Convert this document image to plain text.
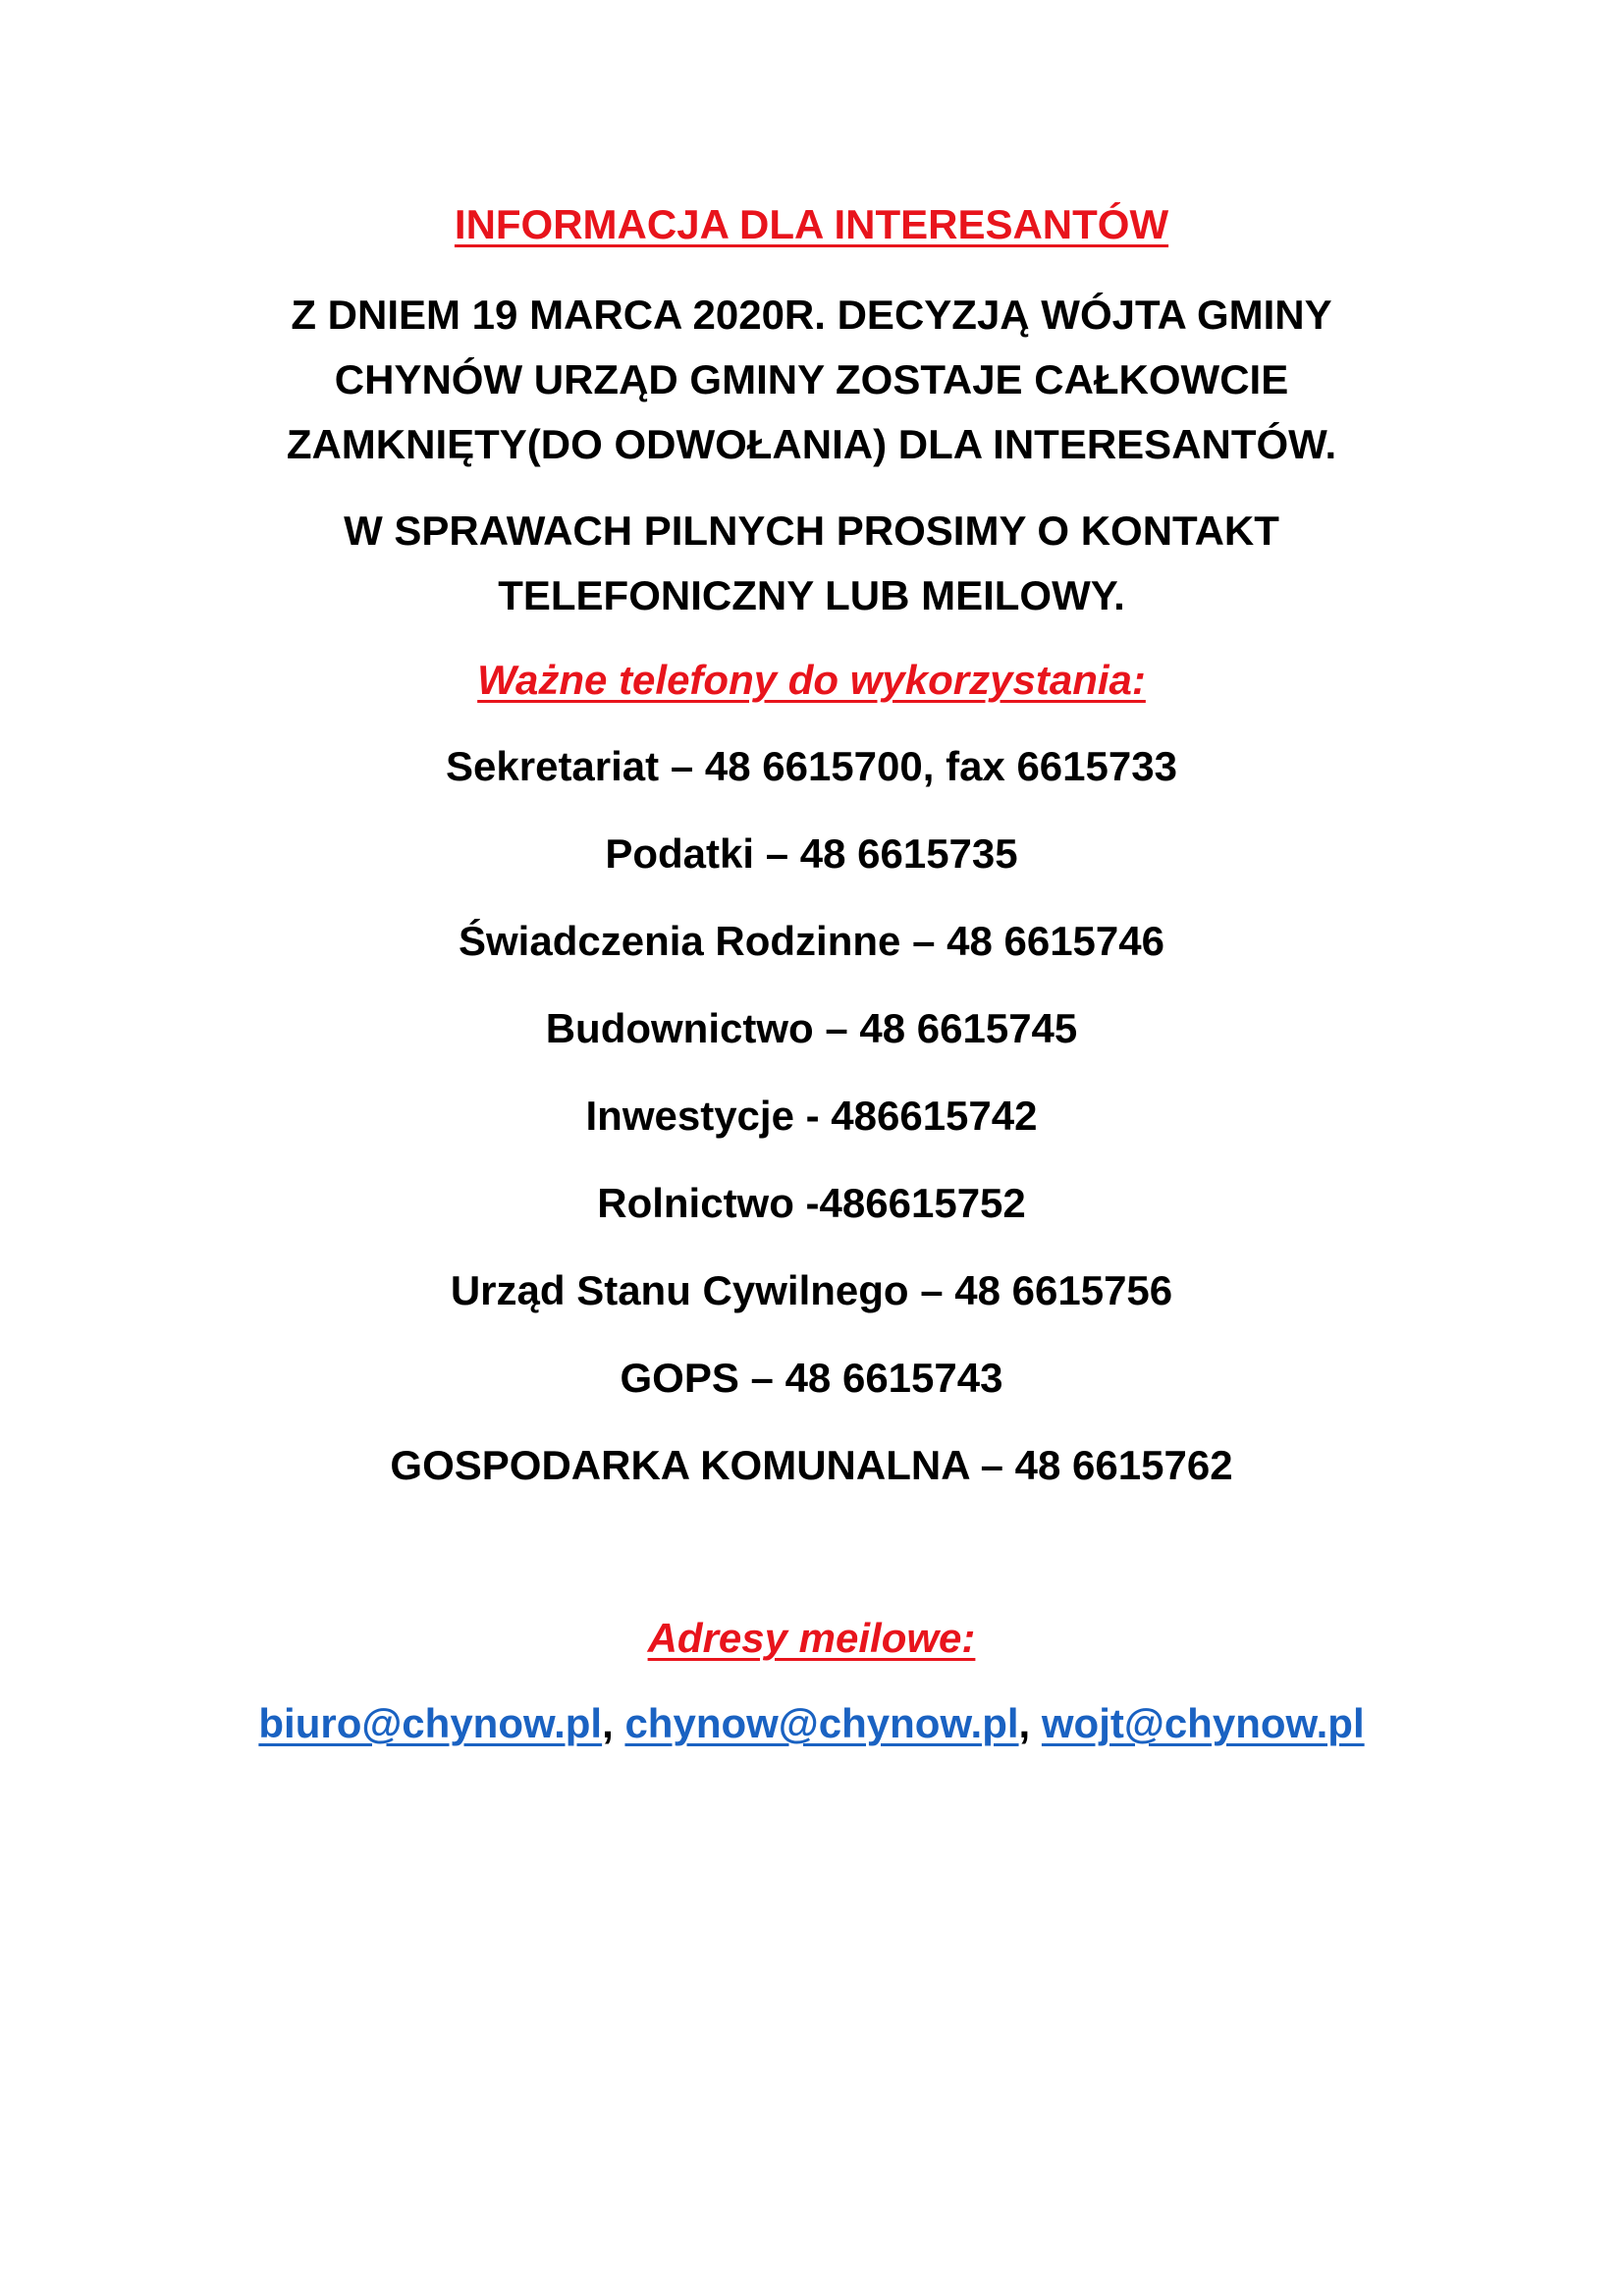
INFORMACJA DLA INTERESANTÓW
Z DNIEM 19 MARCA 2020R. DECYZJĄ WÓJTA GMINY
CHYNÓW URZĄD GMINY ZOSTAJE CAŁKOWCIE
ZAMKNIĘTY(DO ODWOŁANIA) DLA INTERESANTÓW.
W SPRAWACH PILNYCH PROSIMY O KONTAKT
TELEFONICZNY LUB MEILOWY.
Ważne telefony do wykorzystania:
Sekretariat – 48 6615700, fax 6615733
Podatki – 48 6615735
Świadczenia Rodzinne – 48 6615746
Budownictwo – 48 6615745
Inwestycje - 486615742
Rolnictwo -486615752
Urząd Stanu Cywilnego – 48 6615756
GOPS – 48 6615743
GOSPODARKA KOMUNALNA – 48 6615762
Adresy meilowe:
biuro@chynow.pl, chynow@chynow.pl, wojt@chynow.pl
